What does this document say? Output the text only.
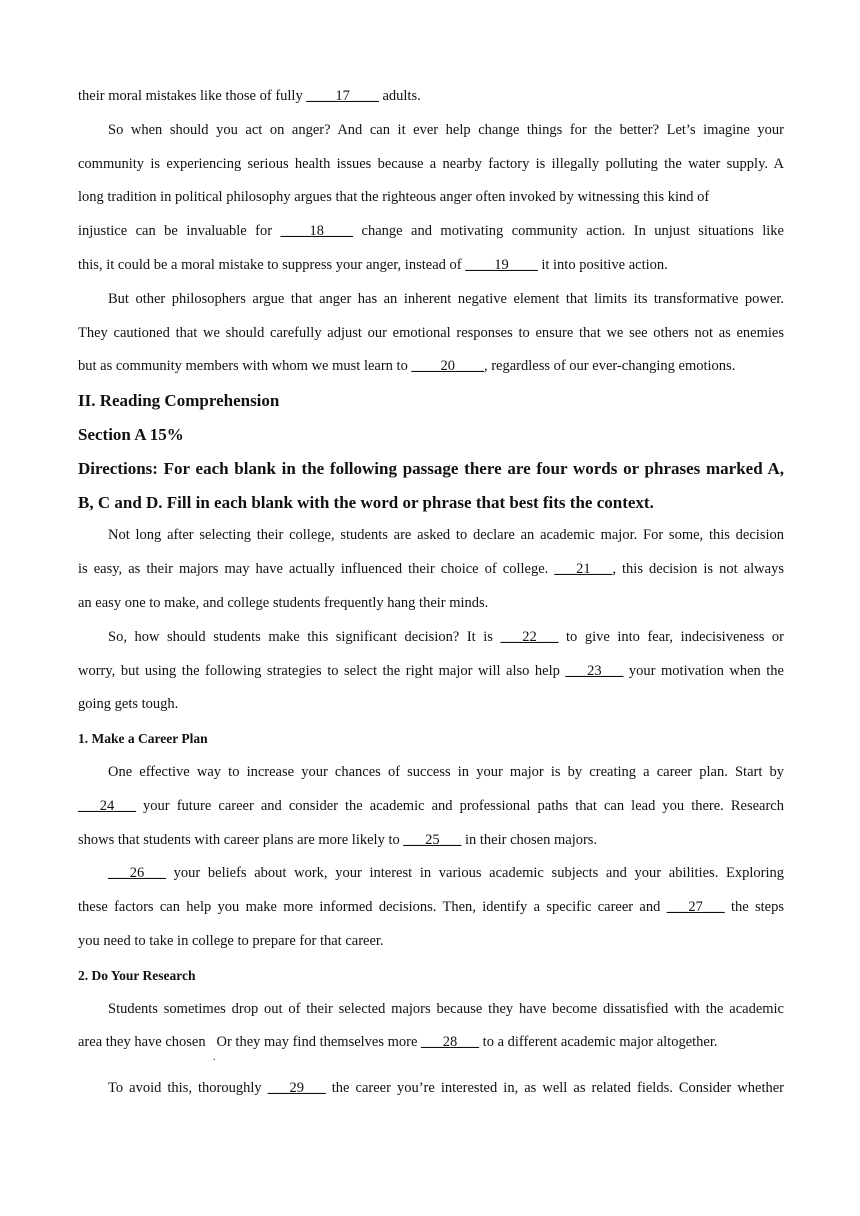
their moral mistakes like those of fully ____17____ adults.
So when should you act on anger? And can it ever help change things for the better? Let’s imagine your
community is experiencing serious health issues because a nearby factory is illegally polluting the water supply. A
long tradition in political philosophy argues that the righteous anger often invoked by witnessing this kind of
injustice can be invaluable for ____18____ change and motivating community action. In unjust situations like
this, it could be a moral mistake to suppress your anger, instead of ____19____ it into positive action.
But other philosophers argue that anger has an inherent negative element that limits its transformative power.
They cautioned that we should carefully adjust our emotional responses to ensure that we see others not as enemies
but as community members with whom we must learn to ____20____, regardless of our ever-changing emotions.
II. Reading Comprehension
Section A 15%
Directions: For each blank in the following passage there are four words or phrases marked A,
B, C and D. Fill in each blank with the word or phrase that best fits the context.
Not long after selecting their college, students are asked to declare an academic major. For some, this decision
is easy, as their majors may have actually influenced their choice of college. ___21___, this decision is not always
an easy one to make, and college students frequently hang their minds.
So, how should students make this significant decision? It is ___22___ to give into fear, indecisiveness or
worry, but using the following strategies to select the right major will also help ___23___ your motivation when the
going gets tough.
1. Make a Career Plan
One effective way to increase your chances of success in your major is by creating a career plan. Start by
___24___ your future career and consider the academic and professional paths that can lead you there. Research
shows that students with career plans are more likely to ___25___ in their chosen majors.
___26___ your beliefs about work, your interest in various academic subjects and your abilities. Exploring
these factors can help you make more informed decisions. Then, identify a specific career and ___27___ the steps
you need to take in college to prepare for that career.
2. Do Your Research
Students sometimes drop out of their selected majors because they have become dissatisfied with the academic
area they have chosen   Or they may find themselves more ___28___ to a different academic major altogether.
To avoid this, thoroughly ___29___ the career you’re interested in, as well as related fields. Consider whether
.
